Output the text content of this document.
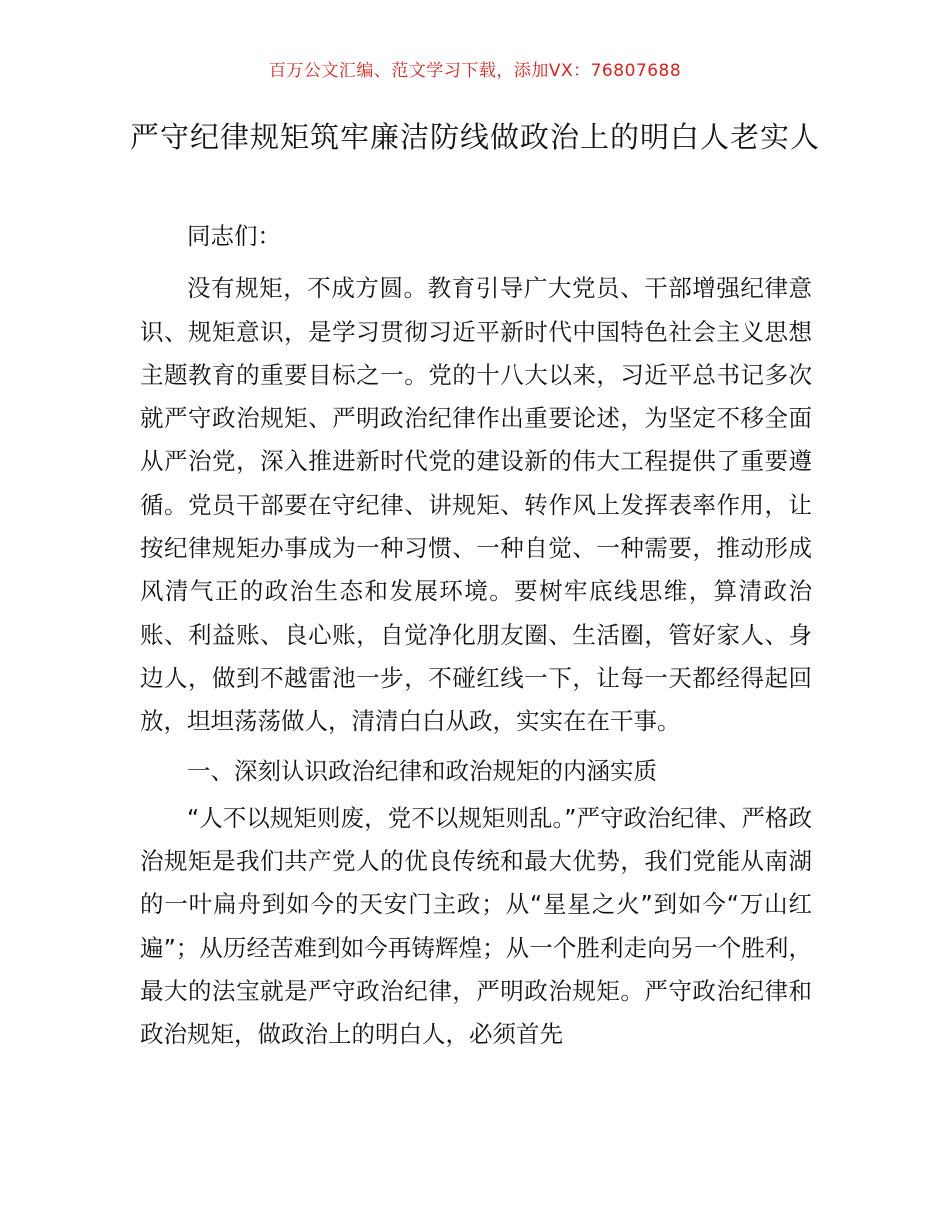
百万公文汇编、范文学习下载，添加VX：76807688
严守纪律规矩筑牢廉洁防线做政治上的明白人老实人

同志们：

没有规矩，不成方圆。教育引导广大党员、干部增强纪律意识、规矩意识，是学习贯彻习近平新时代中国特色社会主义思想主题教育的重要目标之一。党的十八大以来，习近平总书记多次就严守政治规矩、严明政治纪律作出重要论述，为坚定不移全面从严治党，深入推进新时代党的建设新的伟大工程提供了重要遵循。党员干部要在守纪律、讲规矩、转作风上发挥表率作用，让按纪律规矩办事成为一种习惯、一种自觉、一种需要，推动形成风清气正的政治生态和发展环境。要树牢底线思维，算清政治账、利益账、良心账，自觉净化朋友圈、生活圈，管好家人、身边人，做到不越雷池一步，不碰红线一下，让每一天都经得起回放，坦坦荡荡做人，清清白白从政，实实在在干事。

一、深刻认识政治纪律和政治规矩的内涵实质

“人不以规矩则废，党不以规矩则乱。”严守政治纪律、严格政治规矩是我们共产党人的优良传统和最大优势，我们党能从南湖的一叶扁舟到如今的天安门主政；从“星星之火”到如今“万山红遍”；从历经苦难到如今再铸辉煌；从一个胜利走向另一个胜利，最大的法宝就是严守政治纪律，严明政治规矩。严守政治纪律和政治规矩，做政治上的明白人，必须首先
